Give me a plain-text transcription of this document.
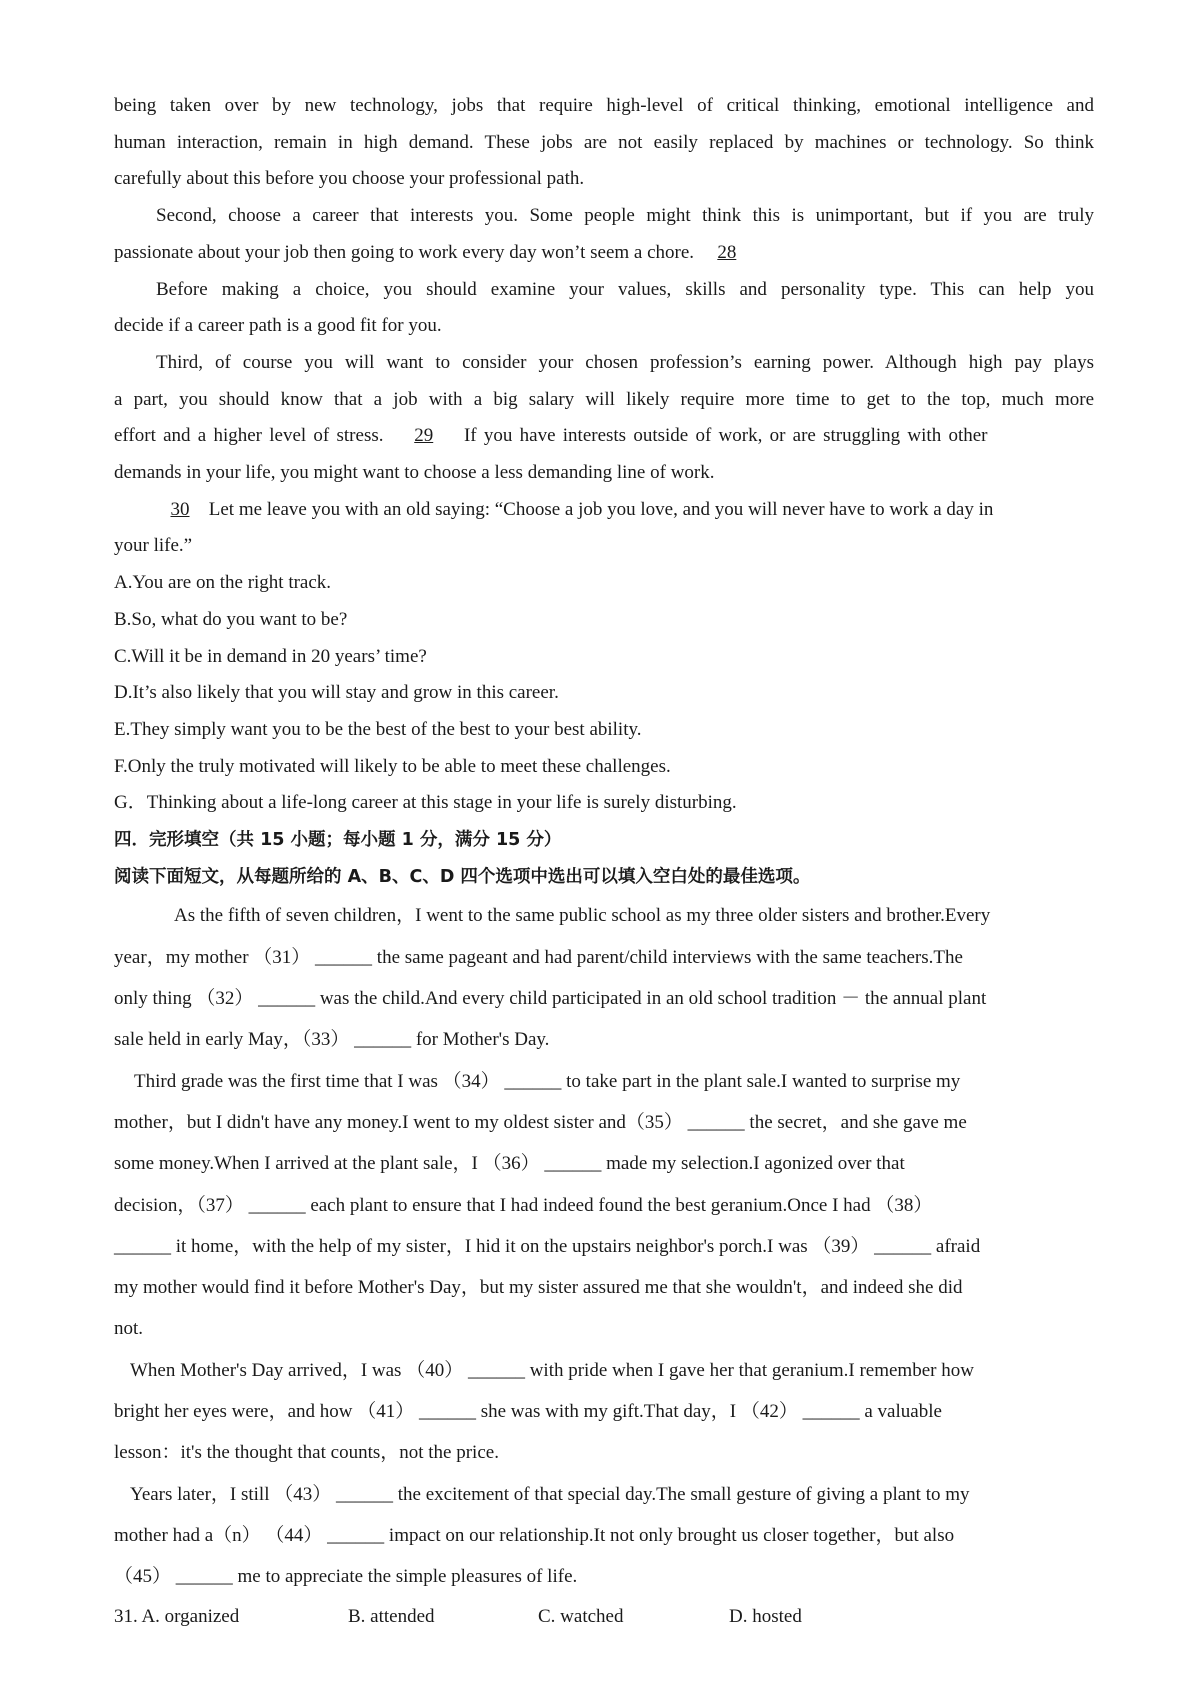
being taken over by new technology, jobs that require high-level of critical thinking, emotional intelligence and
human interaction, remain in high demand. These jobs are not easily replaced by machines or technology. So think
carefully about this before you choose your professional path.
Second, choose a career that interests you. Some people might think this is unimportant, but if you are truly
passionate about your job then going to work every day won’t seem a chore. 28
Before making a choice, you should examine your values, skills and personality type. This can help you
decide if a career path is a good fit for you.
Third, of course you will want to consider your chosen profession’s earning power. Although high pay plays
a part, you should know that a job with a big salary will likely require more time to get to the top, much more
effort and a higher level of stress. 29 If you have interests outside of work, or are struggling with other
demands in your life, you might want to choose a less demanding line of work.
30 Let me leave you with an old saying: “Choose a job you love, and you will never have to work a day in
your life.”
A.You are on the right track.
B.So, what do you want to be?
C.Will it be in demand in 20 years’ time?
D.It’s also likely that you will stay and grow in this career.
E.They simply want you to be the best of the best to your best ability.
F.Only the truly motivated will likely to be able to meet these challenges.
G．Thinking about a life-long career at this stage in your life is surely disturbing.
四．完形填空（共 15 小题；每小题 1 分，满分 15 分）
阅读下面短文，从每题所给的 A、B、C、D 四个选项中选出可以填入空白处的最佳选项。
As the fifth of seven children，I went to the same public school as my three older sisters and brother.Every
year，my mother （31） ______ the same pageant and had parent/child interviews with the same teachers.The
only thing （32） ______ was the child.And every child participated in an old school tradition － the annual plant
sale held in early May，（33） ______ for Mother's Day.
Third grade was the first time that I was （34） ______ to take part in the plant sale.I wanted to surprise my
mother，but I didn't have any money.I went to my oldest sister and（35） ______ the secret，and she gave me
some money.When I arrived at the plant sale，I （36） ______ made my selection.I agonized over that
decision，（37） ______ each plant to ensure that I had indeed found the best geranium.Once I had （38）
______ it home，with the help of my sister，I hid it on the upstairs neighbor's porch.I was （39） ______ afraid
my mother would find it before Mother's Day，but my sister assured me that she wouldn't，and indeed she did
not.
When Mother's Day arrived，I was （40） ______ with pride when I gave her that geranium.I remember how
bright her eyes were，and how （41） ______ she was with my gift.That day，I （42） ______ a valuable
lesson：it's the thought that counts，not the price.
Years later，I still （43） ______ the excitement of that special day.The small gesture of giving a plant to my
mother had a（n） （44） ______ impact on our relationship.It not only brought us closer together，but also
（45） ______ me to appreciate the simple pleasures of life.
31. A. organized	B. attended	C. watched	D. hosted
